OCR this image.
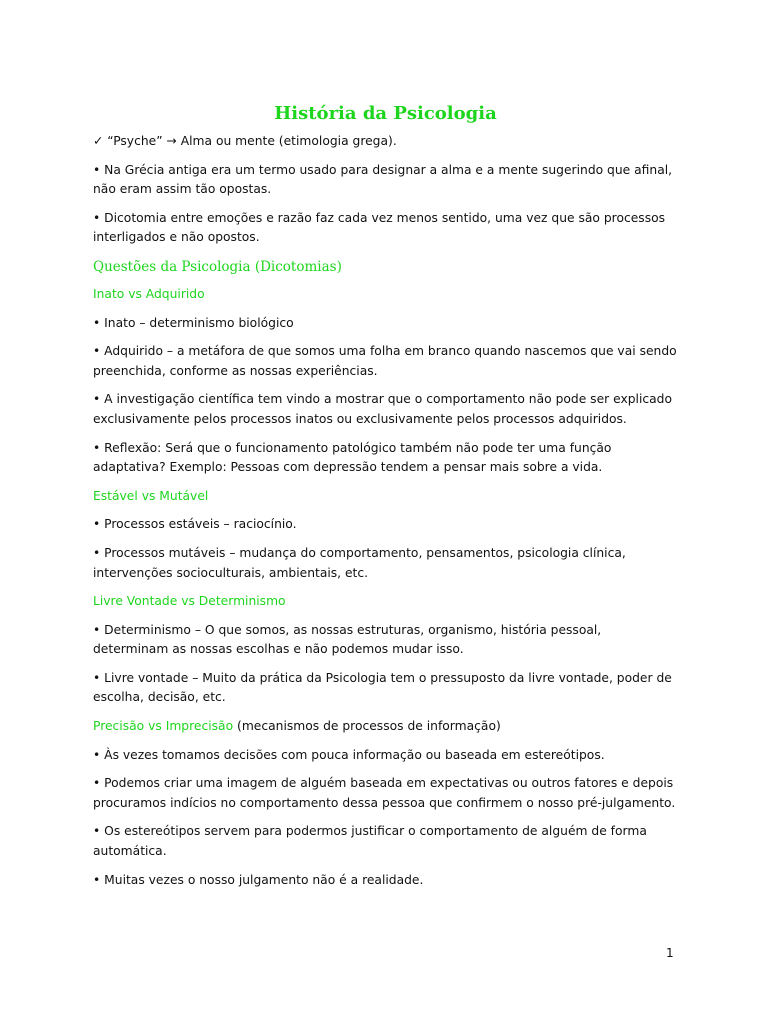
História da Psicologia

✓ “Psyche” → Alma ou mente (etimologia grega).

• Na Grécia antiga era um termo usado para designar a alma e a mente sugerindo que afinal, não eram assim tão opostas.

• Dicotomia entre emoções e razão faz cada vez menos sentido, uma vez que são processos interligados e não opostos.

Questões da Psicologia (Dicotomias)

Inato vs Adquirido

• Inato – determinismo biológico

• Adquirido – a metáfora de que somos uma folha em branco quando nascemos que vai sendo preenchida, conforme as nossas experiências.

• A investigação científica tem vindo a mostrar que o comportamento não pode ser explicado exclusivamente pelos processos inatos ou exclusivamente pelos processos adquiridos.

• Reflexão: Será que o funcionamento patológico também não pode ter uma função adaptativa? Exemplo: Pessoas com depressão tendem a pensar mais sobre a vida.

Estável vs Mutável

• Processos estáveis – raciocínio.

• Processos mutáveis – mudança do comportamento, pensamentos, psicologia clínica, intervenções socioculturais, ambientais, etc.

Livre Vontade vs Determinismo

• Determinismo – O que somos, as nossas estruturas, organismo, história pessoal, determinam as nossas escolhas e não podemos mudar isso.

• Livre vontade – Muito da prática da Psicologia tem o pressuposto da livre vontade, poder de escolha, decisão, etc.

Precisão vs Imprecisão (mecanismos de processos de informação)

• Às vezes tomamos decisões com pouca informação ou baseada em estereótipos.

• Podemos criar uma imagem de alguém baseada em expectativas ou outros fatores e depois procuramos indícios no comportamento dessa pessoa que confirmem o nosso pré-julgamento.

• Os estereótipos servem para podermos justificar o comportamento de alguém de forma automática.

• Muitas vezes o nosso julgamento não é a realidade.

1
